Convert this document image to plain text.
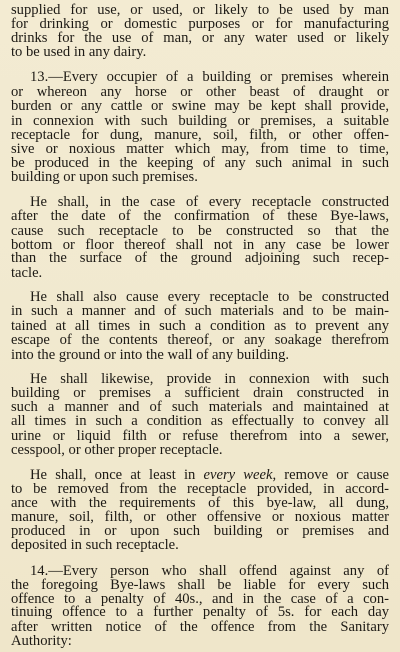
supplied for use, or used, or likely to be used by man
for drinking or domestic purposes or for manufacturing
drinks for the use of man, or any water used or likely
to be used in any dairy.
13.—Every occupier of a building or premises wherein
or whereon any horse or other beast of draught or
burden or any cattle or swine may be kept shall provide,
in connexion with such building or premises, a suitable
receptacle for dung, manure, soil, filth, or other offen-
sive or noxious matter which may, from time to time,
be produced in the keeping of any such animal in such
building or upon such premises.
He shall, in the case of every receptacle constructed
after the date of the confirmation of these Bye-laws,
cause such receptacle to be constructed so that the
bottom or floor thereof shall not in any case be lower
than the surface of the ground adjoining such recep-
tacle.
He shall also cause every receptacle to be constructed
in such a manner and of such materials and to be main-
tained at all times in such a condition as to prevent any
escape of the contents thereof, or any soakage therefrom
into the ground or into the wall of any building.
He shall likewise, provide in connexion with such
building or premises a sufficient drain constructed in
such a manner and of such materials and maintained at
all times in such a condition as effectually to convey all
urine or liquid filth or refuse therefrom into a sewer,
cesspool, or other proper receptacle.
He shall, once at least in every week, remove or cause
to be removed from the receptacle provided, in accord-
ance with the requirements of this bye-law, all dung,
manure, soil, filth, or other offensive or noxious matter
produced in or upon such building or premises and
deposited in such receptacle.
14.—Every person who shall offend against any of
the foregoing Bye-laws shall be liable for every such
offence to a penalty of 40s., and in the case of a con-
tinuing offence to a further penalty of 5s. for each day
after written notice of the offence from the Sanitary
Authority:
